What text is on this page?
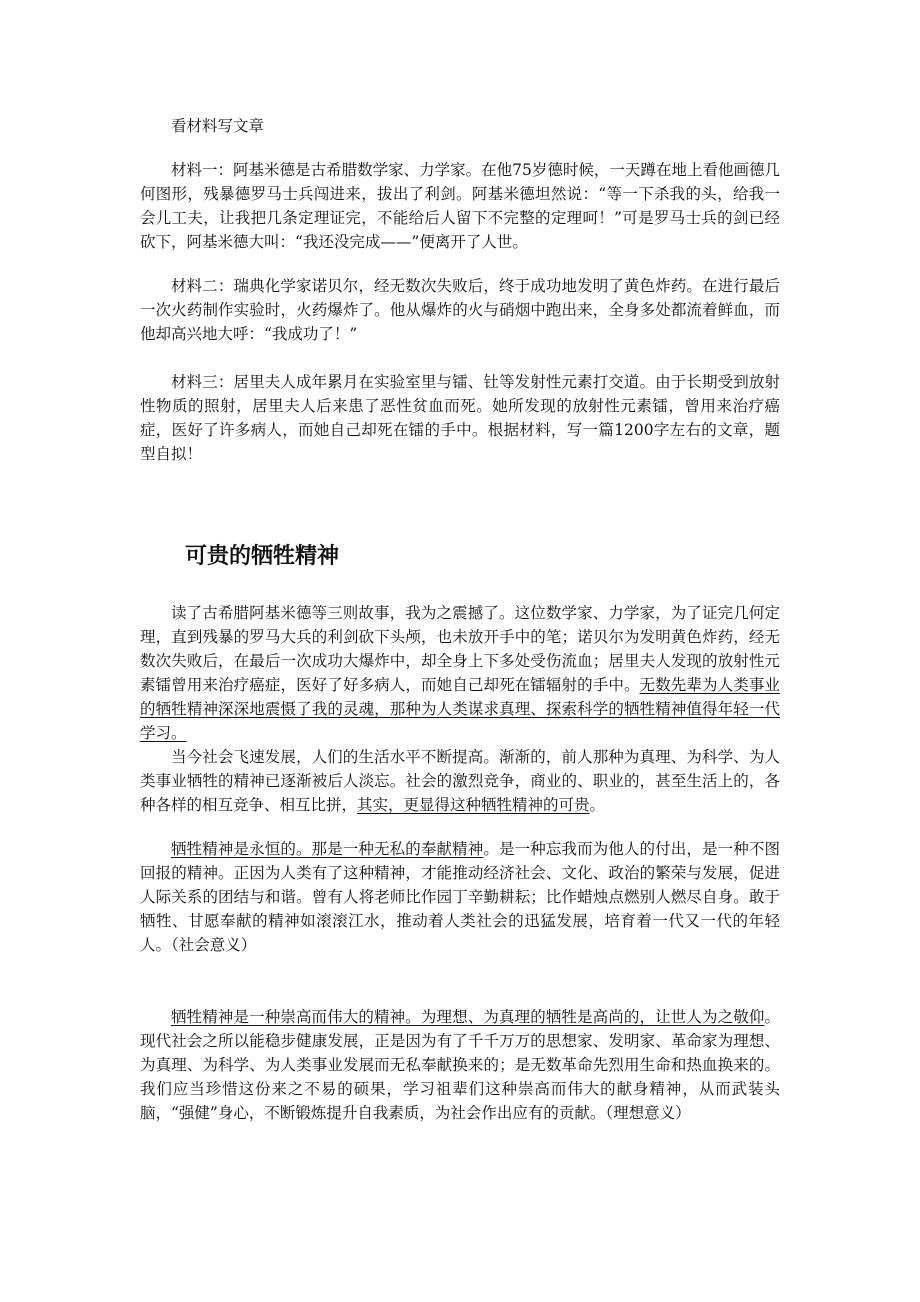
看材料写文章

材料一：阿基米德是古希腊数学家、力学家。在他75岁德时候，一天蹲在地上看他画德几何图形，残暴德罗马士兵闯进来，拔出了利剑。阿基米德坦然说：“等一下杀我的头，给我一会儿工夫，让我把几条定理证完，不能给后人留下不完整的定理呵！”可是罗马士兵的剑已经砍下，阿基米德大叫：“我还没完成——”便离开了人世。

材料二：瑞典化学家诺贝尔，经无数次失败后，终于成功地发明了黄色炸药。在进行最后一次火药制作实验时，火药爆炸了。他从爆炸的火与硝烟中跑出来，全身多处都流着鲜血，而他却高兴地大呼：“我成功了！”

材料三：居里夫人成年累月在实验室里与镭、钍等发射性元素打交道。由于长期受到放射性物质的照射，居里夫人后来患了恶性贫血而死。她所发现的放射性元素镭，曾用来治疗癌症，医好了许多病人，而她自己却死在镭的手中。根据材料，写一篇1200字左右的文章，题型自拟！

可贵的牺牲精神

读了古希腊阿基米德等三则故事，我为之震撼了。这位数学家、力学家，为了证完几何定理，直到残暴的罗马大兵的利剑砍下头颅，也未放开手中的笔；诺贝尔为发明黄色炸药，经无数次失败后，在最后一次成功大爆炸中，却全身上下多处受伤流血；居里夫人发现的放射性元素镭曾用来治疗癌症，医好了好多病人，而她自己却死在镭辐射的手中。无数先辈为人类事业的牺牲精神深深地震慑了我的灵魂，那种为人类谋求真理、探索科学的牺牲精神值得年轻一代学习。

当今社会飞速发展，人们的生活水平不断提高。渐渐的，前人那种为真理、为科学、为人类事业牺牲的精神已逐渐被后人淡忘。社会的激烈竞争，商业的、职业的，甚至生活上的，各种各样的相互竞争、相互比拼，其实，更显得这种牺牲精神的可贵。

牺牲精神是永恒的。那是一种无私的奉献精神。是一种忘我而为他人的付出，是一种不图回报的精神。正因为人类有了这种精神，才能推动经济社会、文化、政治的繁荣与发展，促进人际关系的团结与和谐。曾有人将老师比作园丁辛勤耕耘；比作蜡烛点燃别人燃尽自身。敢于牺牲、甘愿奉献的精神如滚滚江水，推动着人类社会的迅猛发展，培育着一代又一代的年轻人。（社会意义）

牺牲精神是一种崇高而伟大的精神。为理想、为真理的牺牲是高尚的，让世人为之敬仰。现代社会之所以能稳步健康发展，正是因为有了千千万万的思想家、发明家、革命家为理想、为真理、为科学、为人类事业发展而无私奉献换来的；是无数革命先烈用生命和热血换来的。我们应当珍惜这份来之不易的硕果，学习祖辈们这种崇高而伟大的献身精神，从而武装头脑，“强健”身心，不断锻炼提升自我素质，为社会作出应有的贡献。（理想意义）
